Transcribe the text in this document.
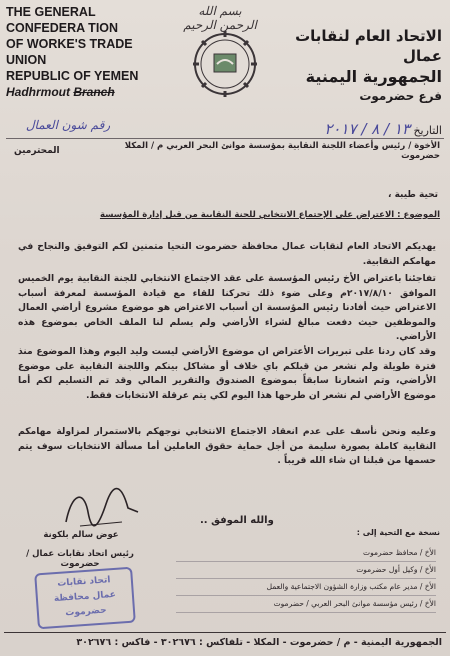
THE GENERAL CONFEDERA TION
OF WORKE'S TRADE UNION
REPUBLIC OF YEMEN
Hadhrmout Branch
بسم الله الرحمن الرحيم
الاتحاد العام لنقابات عمال
الجمهورية اليمنية
فرع حضرموت
رقم شون العمال	التاريخ ١٣ / ٨ / ٢٠١٧
المحترمين	الأخوة / رئيس وأعضاء اللجنة النقابية بمؤسسة موانئ البحر العربي م / المكلا حضرموت
تحية طيبة ،
الموضوع : الاعتراض على الإجتماع الانتخابي للجنة النقابية من قبل إدارة المؤسسة
يهديكم الاتحاد العام لنقابات عمال محافظة حضرموت التحيا متمنين لكم التوفيق والنجاح في مهامكم النقابية.
تفاجئنا باعتراض الأخ رئيس المؤسسة على عقد الاجتماع الانتخابي للجنة النقابية يوم الخميس الموافق ٢٠١٧/٨/١٠م وعلى ضوء ذلك تحركنا للقاء مع قيادة المؤسسة لمعرفة أسباب الاعتراض حيث أفادنا رئيس المؤسسة ان أسباب الاعتراض هو موضوع مشروع أراضي العمال والموظفين حيث دفعت مبالغ لشراء الأراضي ولم يسلم لنا الملف الخاص بموضوع هذه الأراضي.
وقد كان ردنا على تبريرات الأعتراض ان موضوع الأراضي ليست وليد اليوم وهذا الموضوع منذ فترة طويلة ولم نشعر من قبلكم باي خلاف أو مشاكل بينكم واللجنة النقابية على موضوع الأراضي، وتم اشعارنا سابقاً بموضوع الصندوق والتقرير المالي وقد تم التسليم لكم أما موضوع الأراضي لم نشعر ان طرحها هذا اليوم لكي يتم عرقلة الانتخابات فقط.
وعليه ونحن نأسف على عدم انعقاد الاجتماع الانتخابي نوجهكم بالاستمرار لمزاولة مهامكم النقابية كاملة بصورة سليمة من أجل حماية حقوق العاملين أما مسألة الانتخابات سوف يتم حسمها من قبلنا ان شاء الله قريباً .
والله الموفق ..
عوض سالم بلكونة
رئيس اتحاد نقابات عمال / حضرموت
اتحاد نقابات
عمال محافظة
حضرموت
نسخة مع التحية إلى :
الأخ / محافظ حضرموت
الأخ / وكيل أول حضرموت
الأخ / مدير عام مكتب وزارة الشؤون الاجتماعية والعمل
الأخ / رئيس مؤسسة موانئ البحر العربي / حضرموت
الجمهورية اليمنية - م / حضرموت - المكلا - تلفاكس : ٣٠٢٦٧٦ - فاكس : ٣٠٢٦٧٦
